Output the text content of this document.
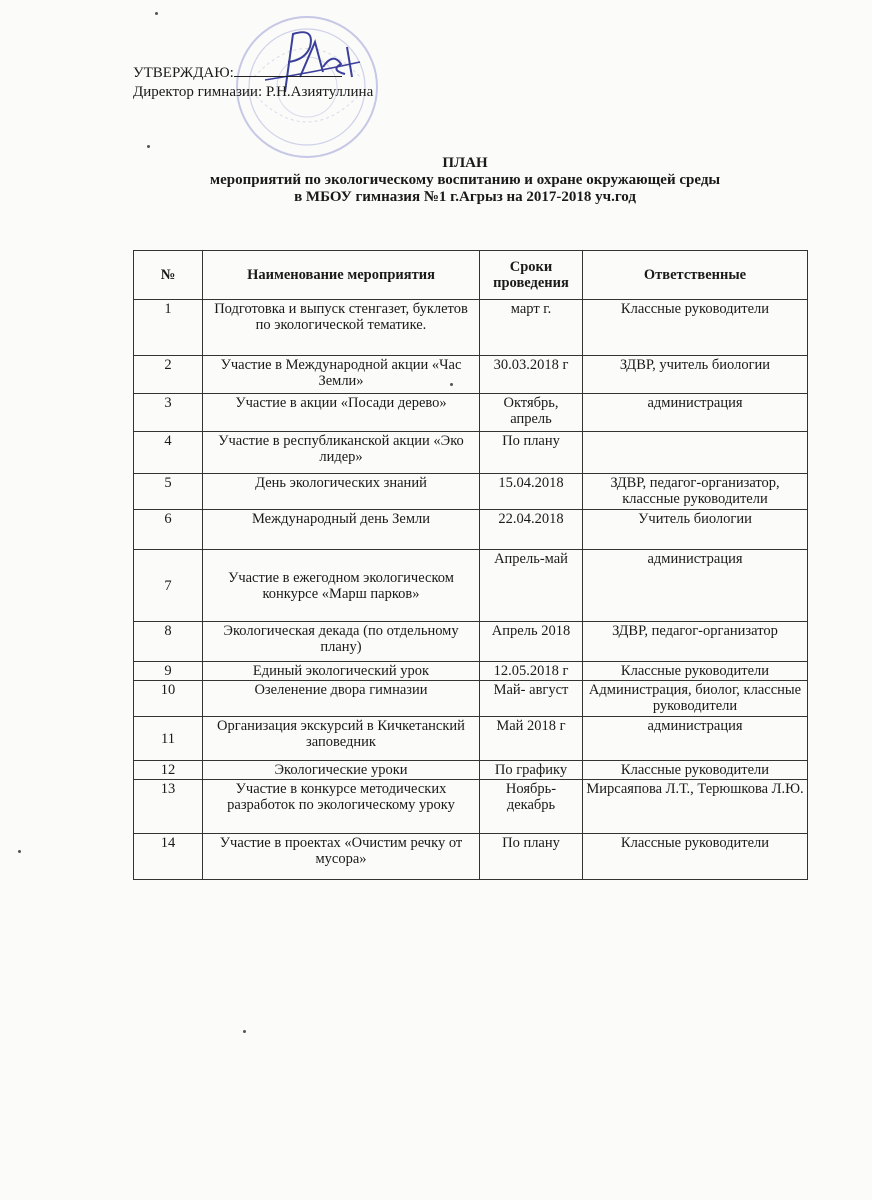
УТВЕРЖДАЮ:
Директор гимназии: Р.Н.Азиятуллина
ПЛАН
мероприятий по экологическому воспитанию и охране окружающей среды
в МБОУ гимназия №1 г.Агрыз на 2017-2018 уч.год
№	Наименование мероприятия	Сроки проведения	Ответственные
1	Подготовка и выпуск стенгазет, буклетов по экологической тематике.	март г.	Классные руководители
2	Участие в Международной акции «Час Земли»	30.03.2018 г	ЗДВР, учитель биологии
3	Участие в акции «Посади дерево»	Октябрь, апрель	администрация
4	Участие в республиканской акции «Эко лидер»	По плану	
5	День экологических знаний	15.04.2018	ЗДВР, педагог-организатор, классные руководители
6	Международный день Земли	22.04.2018	Учитель биологии
7	Участие в ежегодном экологическом конкурсе «Марш парков»	Апрель-май	администрация
8	Экологическая декада (по отдельному плану)	Апрель 2018	ЗДВР, педагог-организатор
9	Единый экологический урок	12.05.2018 г	Классные руководители
10	Озеленение двора гимназии	Май- август	Администрация, биолог, классные руководители
11	Организация экскурсий в Кичкетанский заповедник	Май 2018 г	администрация
12	Экологические уроки	По графику	Классные руководители
13	Участие в конкурсе методических разработок по экологическому уроку	Ноябрь-декабрь	Мирсаяпова Л.Т., Терюшкова Л.Ю.
14	Участие в проектах «Очистим речку от мусора»	По плану	Классные руководители
